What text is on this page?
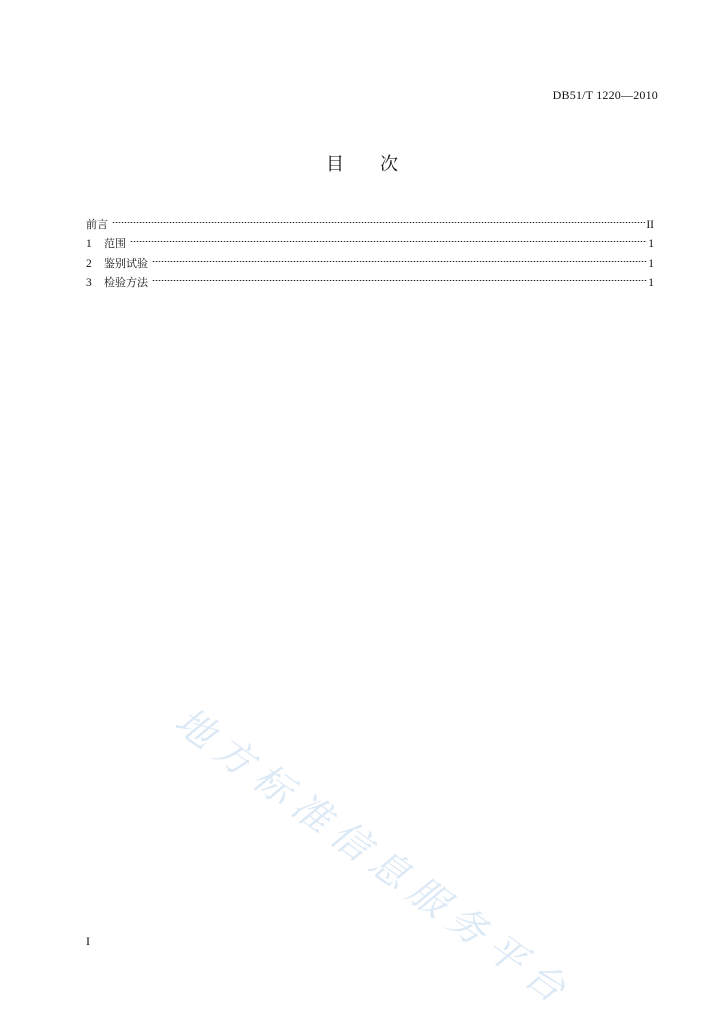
DB51/T 1220—2010
目 次
前言	II
1	范围	1
2	鉴别试验	1
3	检验方法	1
地方标准信息服务平台
I
